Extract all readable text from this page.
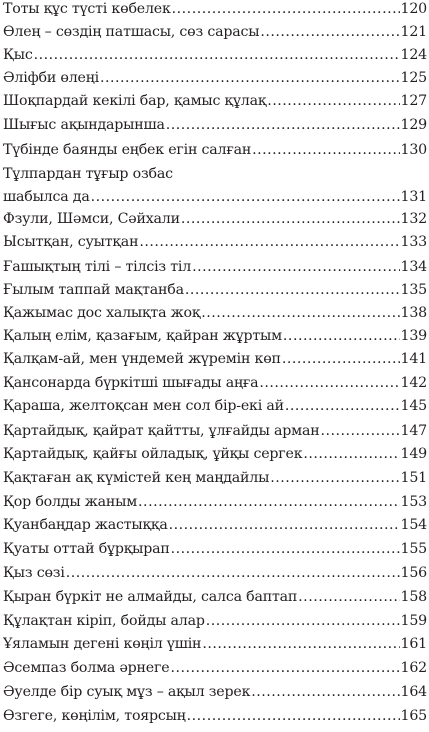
Тоты құс түсті көбелек .....	120
Өлең – сөздің патшасы, сөз сарасы .....	121
Қыс .....	124
Әліфби өлеңі .....	125
Шоқпардай кекілі бар, қамыс құлақ .....	127
Шығыс ақындарынша .....	129
Түбінде баянды еңбек егін салған .....	130
Тұлпардан тұғыр озбас
шабылса да .....	131
Фзули, Шәмси, Сәйхали .....	132
Ысытқан, суытқан .....	133
Ғашықтың тілі – тілсіз тіл .....	134
Ғылым таппай мақтанба .....	135
Қажымас дос халықта жоқ .....	138
Қалың елім, қазағым, қайран жұртым .....	139
Қалқам-ай, мен үндемей жүремін көп .....	141
Қансонарда бүркітші шығады аңға .....	142
Қараша, желтоқсан мен сол бір-екі ай .....	145
Қартайдық, қайрат қайтты, ұлғайды арман .....	147
Қартайдық, қайғы ойладық, ұйқы сергек .....	149
Қақтаған ақ күмістей кең маңдайлы .....	151
Қор болды жаным .....	153
Қуанбаңдар жастыққа .....	154
Қуаты оттай бұрқырап .....	155
Қыз сөзі .....	156
Қыран бүркіт не алмайды, салса баптап .....	158
Құлақтан кіріп, бойды алар .....	159
Ұяламын дегені көңіл үшін .....	161
Әсемпаз болма әрнеге .....	162
Әуелде бір суық мұз – ақыл зерек .....	164
Өзгеге, көңілім, тоярсың .....	165
